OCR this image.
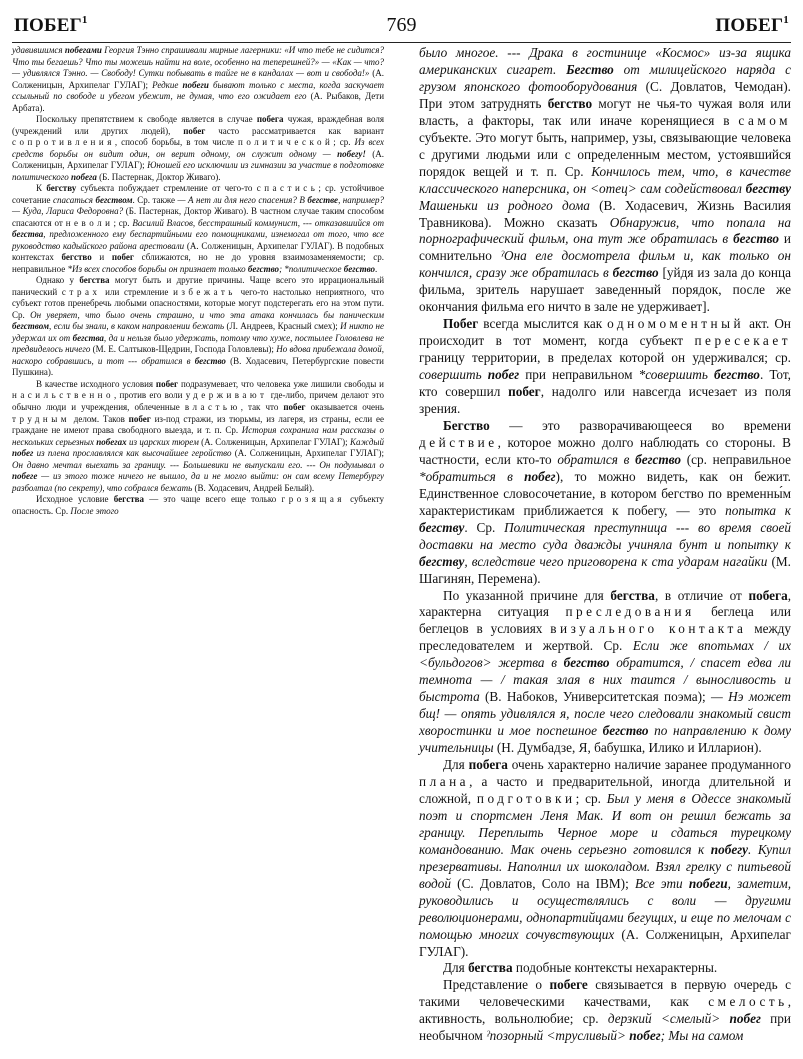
ПОБЕГ$^1$	769	ПОБЕГ$^1$

удавившимся побегами Георгия Тэнно спрашивали мирные лагерники: «И что тебе не сидится? Что ты бегаешь? Что ты можешь найти на воле, особенно на теперешней?» — «Как — что? — удивлялся Тэнно. — Свободу! Сутки побывать в тайге не в кандалах — вот и свобода!» (А. Солженицын, Архипелаг ГУЛАГ); Редкие побеги бывают только с места, когда заскучает ссыльный по свободе и убегом убежит, не думая, что его ожидает его (А. Рыбаков, Дети Арбата).

Поскольку препятствием к свободе является в случае побега чужая, враждебная воля (учреждений или других людей), побег часто рассматривается как вариант сопротивления, способ борьбы, в том числе политической; ср. Из всех средств борьбы он видит один, он верит одному, он служит одному — побегу! (А. Солженицын, Архипелаг ГУЛАГ); Юношей его исключили из гимназии за участие в подготовке политического побега (Б. Пастернак, Доктор Живаго).

К бегству субъекта побуждает стремление от чего-то спастись; ср. устойчивое сочетание спасаться бегством. Ср. также — А нет ли для него спасения? В бегстве, например? — Куда, Лариса Федоровна? (Б. Пастернак, Доктор Живаго). В частном случае таким способом спасаются от неволи; ср. Василий Власов, бесстрашный коммунист, --- отказавшийся от бегства, предложенного ему беспартийными его помощниками, изнемогал от того, что все руководство кадыйского района арестовали (А. Солженицын, Архипелаг ГУЛАГ). В подобных контекстах бегство и побег сближаются, но не до уровня взаимозаменяемости; ср. неправильное *Из всех способов борьбы он признает только бегство; *политическое бегство.

Однако у бегства могут быть и другие причины. Чаще всего это иррациональный панический страх или стремление избежать чего-то настолько неприятного, что субъект готов пренебречь любыми опасностями, которые могут подстерегать его на этом пути. Ср. Он уверяет, что было очень страшно, и что эта атака кончилась бы паническим бегством, если бы знали, в каком направлении бежать (Л. Андреев, Красный смех); И никто не удержал их от бегства, да и нельзя было удержать, потому что хуже, постылее Головлева не предвиделось ничего (М. Е. Салтыков-Щедрин, Господа Головлевы); Но вдова прибежала домой, наскоро собравшись, и тот --- обратился в бегство (В. Ходасевич, Петербургские повести Пушкина).

В качестве исходного условия побег подразумевает, что человека уже лишили свободы и насильственно, против его воли удерживают где-либо, причем делают это обычно люди и учреждения, облеченные властью, так что побег оказывается очень трудным делом. Таков побег из-под стражи, из тюрьмы, из лагеря, из страны, если ее граждане не имеют права свободного выезда, и т. п. Ср. История сохранила нам рассказы о нескольких серьезных побегах из царских тюрем (А. Солженицын, Архипелаг ГУЛАГ); Каждый побег из плена прославлялся как высочайшее геройство (А. Солженицын, Архипелаг ГУЛАГ); Он давно мечтал выехать за границу. --- Большевики не выпускали его. --- Он подумывал о побеге — из этого тоже ничего не вышло, да и не могло выйти: он сам всему Петербургу разболтал (по секрету), что собрался бежать (В. Ходасевич, Андрей Белый).

Исходное условие бегства — это чаще всего еще только грозящая субъекту опасность. Ср. После этого

было многое. --- Драка в гостинице «Космос» из-за ящика американских сигарет. Бегство от милицейского наряда с грузом японского фотооборудования (С. Довлатов, Чемодан). При этом затруднять бегство могут не чья-то чужая воля или власть, а факторы, так или иначе коренящиеся в самом субъекте. Это могут быть, например, узы, связывающие человека с другими людьми или с определенным местом, устоявшийся порядок вещей и т. п. Ср. Кончилось тем, что, в качестве классического наперсника, он <отец> сам содействовал бегству Машеньки из родного дома (В. Ходасевич, Жизнь Василия Травникова). Можно сказать Обнаружив, что попала на порнографический фильм, она тут же обратилась в бегство и сомнительно ˀОна еле досмотрела фильм и, как только он кончился, сразу же обратилась в бегство [уйдя из зала до конца фильма, зритель нарушает заведенный порядок, после же окончания фильма его ничто в зале не удерживает].

Побег всегда мыслится как одномоментный акт. Он происходит в тот момент, когда субъект пересекает границу территории, в пределах которой он удерживался; ср. совершить побег при неправильном *совершить бегство. Тот, кто совершил побег, надолго или навсегда исчезает из поля зрения.

Бегство — это разворачивающееся во времени действие, которое можно долго наблюдать со стороны. В частности, если кто-то обратился в бегство (ср. неправильное *обратиться в побег), то можно видеть, как он бежит. Единственное словосочетание, в котором бегство по временны́м характеристикам приближается к побегу, — это попытка к бегству. Ср. Политическая преступница --- во время своей доставки на место суда дважды учиняла бунт и попытку к бегству, вследствие чего приговорена к ста ударам нагайки (М. Шагинян, Перемена).

По указанной причине для бегства, в отличие от побега, характерна ситуация преследования беглеца или беглецов в условиях визуального контакта между преследователем и жертвой. Ср. Если же впотьмах / их <бульдогов> жертва в бегство обратится, / спасет едва ли темнота — / такая злая в них таится / выносливость и быстрота (В. Набоков, Университетская поэма); — Нэ может бщ! — опять удивлялся я, после чего следовали знакомый свист хворостинки и мое поспешное бегство по направлению к дому учительницы (Н. Думбадзе, Я, бабушка, Илико и Илларион).

Для побега очень характерно наличие заранее продуманного плана, а часто и предварительной, иногда длительной и сложной, подготовки; ср. Был у меня в Одессе знакомый поэт и спортсмен Леня Мак. И вот он решил бежать за границу. Переплыть Черное море и сдаться турецкому командованию. Мак очень серьезно готовился к побегу. Купил презервативы. Наполнил их шоколадом. Взял грелку с питьевой водой (С. Довлатов, Соло на IBM); Все эти побеги, заметим, руководились и осуществлялись с воли — другими революционерами, однопартийцами бегущих, и еще по мелочам с помощью многих сочувствующих (А. Солженицын, Архипелаг ГУЛАГ).

Для бегства подобные контексты нехарактерны.

Представление о побеге связывается в первую очередь с такими человеческими качествами, как смелость, активность, вольнолюбие; ср. дерзкий <смелый> побег при необычном ˀпозорный <трусливый> побег; Мы на самом
